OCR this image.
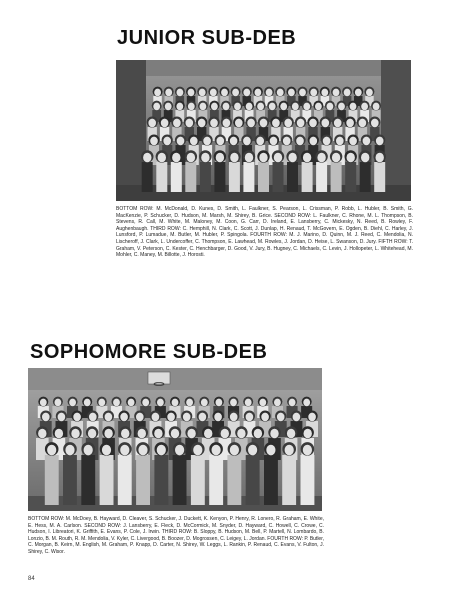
JUNIOR SUB-DEB

BOTTOM ROW: M. McDonald, D. Kunes, D. Smith, L. Faulkner, S. Pearson, L. Crissman, P. Robb, L. Hubler, B. Smith, G. MacKenzie, P. Schucker, D. Hudson, M. Marsh, M. Shirey, B. Grice. SECOND ROW: L. Faulkner, C. Rhone, M. L. Thompson, B. Stevens, R. Call, M. White, M. Maloney, M. Coon, G. Carr, D. Ireland, E. Lansberry, C. Mickesky, N. Reed, B. Rowley, F. Aughenbaugh. THIRD ROW: C. Hemphill, N. Clark, C. Scott, J. Dunlap, H. Renaud, T. McGovern, E. Ogden, B. Diehl, C. Harley, J. Lunsford, P. Lumadue, M. Butler, M. Hubler, P. Spingola. FOURTH ROW: M. J. Marino, D. Quinn, M. J. Reed, C. Mendolia, N. Lischeroff, J. Clark, L. Undercoffer, C. Thompson, E. Lawhead, M. Rowles, J. Jordan, D. Heise, L. Swanson, D. Jury. FIFTH ROW: T. Graham, V. Peterson, C. Kester, C. Henchbarger, D. Good, V. Jury, B. Hugney, C. Michaels, C. Levin, J. Hollopeter, L. Whitehead, M. Mohler, C. Maney, M. Billotte, J. Horosti.

SOPHOMORE SUB-DEB

BOTTOM ROW: M. McDoey, B. Hayward, D. Cleaver, S. Schucker, J. Duckett, K. Kenyon, P. Henry, R. Lonero, R. Graham, E. White, E. Hess, M. A. Carlson. SECOND ROW: J. Lansberry, E. Fleck, D. McCormick, M. Snyder, D. Hayward, C. Howell, C. Crowe, C. Hudson, I. Libreatori, K. Griffith, E. Evans, P. Cole, J. Irwin. THIRD ROW: B. Sloppy, B. Hudson, M. Bell, P. Martell, N. Lombardo, B. Lonzio, B. M. Routh, R. M. Mendolia, V. Kyler, C. Livergood, B. Boozer, D. Mogrossen, C. Leigey, L. Jordan. FOURTH ROW: P. Butler, C. Morgan, B. Keirn, M. English, M. Graham, P. Knapp, D. Carter, N. Shirey, W. Leggs, L. Rankin, P. Renaud, C. Evans, V. Fulton, J. Shirey, C. Wisor.

84
